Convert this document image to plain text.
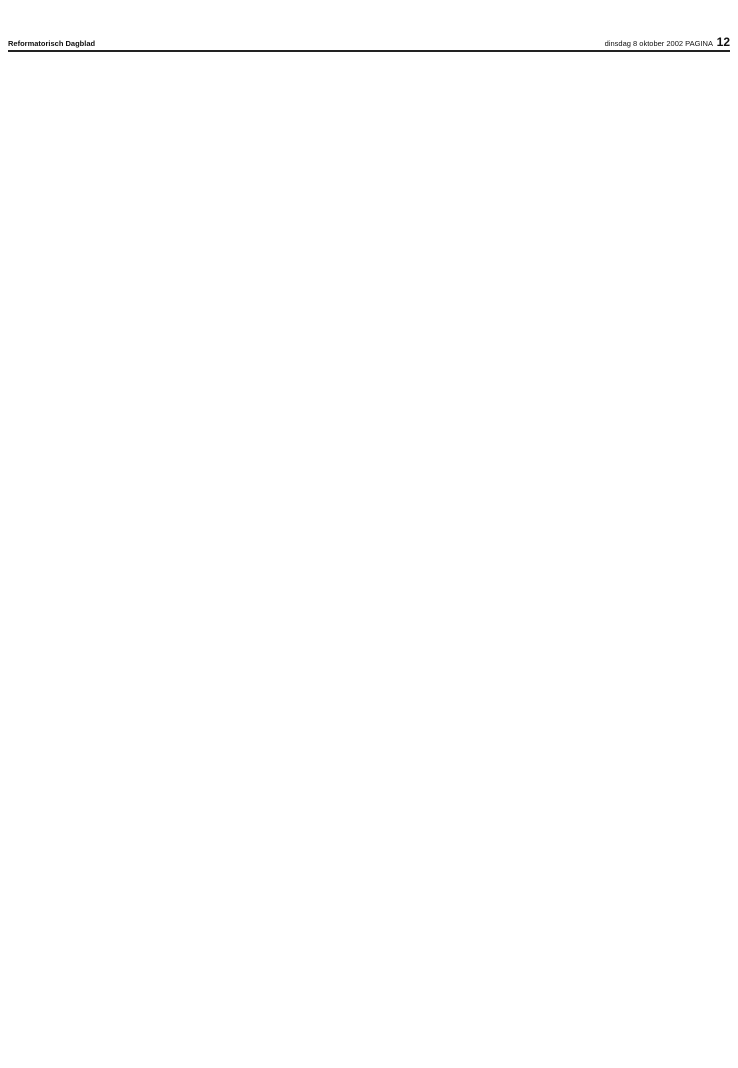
Reformatorisch Dagblad	dinsdag 8 oktober 2002 PAGINA 12
